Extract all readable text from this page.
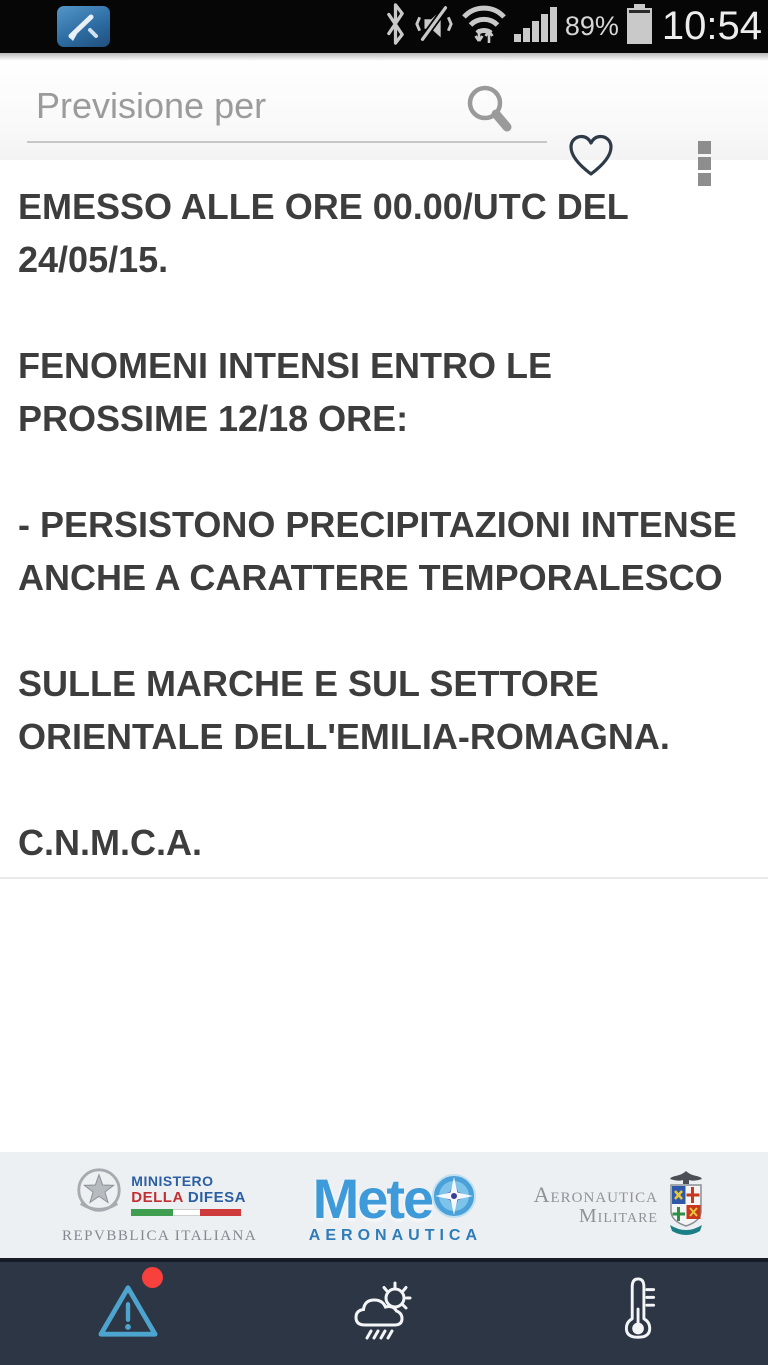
89% 10:54
Previsione per

EMESSO ALLE ORE 00.00/UTC DEL
24/05/15.

FENOMENI INTENSI ENTRO LE
PROSSIME 12/18 ORE:

- PERSISTONO PRECIPITAZIONI INTENSE
ANCHE A CARATTERE TEMPORALESCO

SULLE MARCHE E SUL SETTORE
ORIENTALE DELL'EMILIA-ROMAGNA.

C.N.M.C.A.

MINISTERO
DELLA DIFESA
REPVBBLICA ITALIANA
Mete
AERONAUTICA
Aeronautica
Militare
